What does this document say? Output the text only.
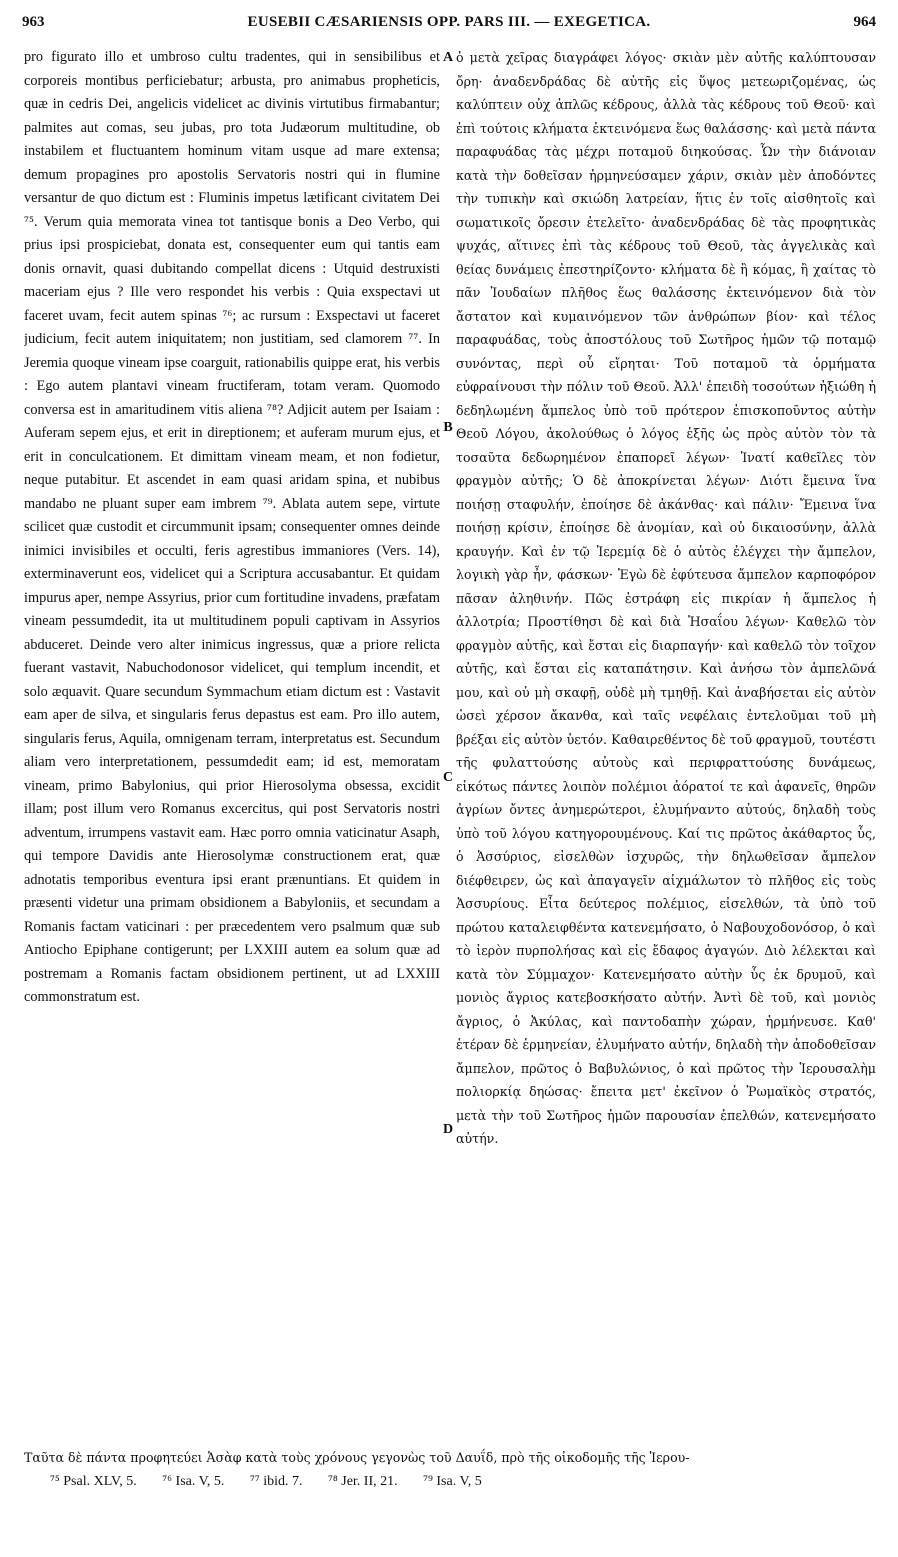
963	EUSEBII CÆSARIENSIS OPP. PARS III. — EXEGETICA.	964

pro figurato illo et umbroso cultu tradentes, qui in sensibilibus et corporeis montibus perficiebatur; arbusta, pro animabus propheticis, quæ in cedris Dei, angelicis videlicet ac divinis virtutibus firmabantur; palmites aut comas, seu jubas, pro tota Judæorum multitudine, ob instabilem et fluctuantem hominum vitam usque ad mare extensa; demum propagines pro apostolis Servatoris nostri qui in flumine versantur de quo dictum est : Fluminis impetus lætificant civitatem Dei ⁷⁵. Verum quia memorata vinea tot tantisque bonis a Deo Verbo, qui prius ipsi prospiciebat, donata est, consequenter eum qui tantis eam donis ornavit, quasi dubitando compellat dicens : Utquid destruxisti maceriam ejus ? Ille vero respondet his verbis : Quia exspectavi ut faceret uvam, fecit autem spinas ⁷⁶; ac rursum : Exspectavi ut faceret judicium, fecit autem iniquitatem; non justitiam, sed clamorem ⁷⁷. In Jeremia quoque vineam ipse coarguit, rationabilis quippe erat, his verbis : Ego autem plantavi vineam fructiferam, totam veram. Quomodo conversa est in amaritudinem vitis aliena ⁷⁸? Adjicit autem per Isaiam : Auferam sepem ejus, et erit in direptionem; et auferam murum ejus, et erit in conculcationem. Et dimittam vineam meam, et non fodietur, neque putabitur. Et ascendet in eam quasi aridam spina, et nubibus mandabo ne pluant super eam imbrem ⁷⁹. Ablata autem sepe, virtute scilicet quæ custodit et circummunit ipsam; consequenter omnes deinde inimici invisibiles et occulti, feris agrestibus immaniores (Vers. 14), exterminaverunt eos, videlicet qui a Scriptura accusabantur. Et quidam impurus aper, nempe Assyrius, prior cum fortitudine invadens, præfatam vineam pessumdedit, ita ut multitudinem populi captivam in Assyrios abduceret. Deinde vero alter inimicus ingressus, quæ a priore relicta fuerant vastavit, Nabuchodonosor videlicet, qui templum incendit, et solo æquavit. Quare secundum Symmachum etiam dictum est : Vastavit eam aper de silva, et singularis ferus depastus est eam. Pro illo autem, singularis ferus, Aquila, omnigenam terram, interpretatus est. Secundum aliam vero interpretationem, pessumdedit eam; id est, memoratam vineam, primo Babylonius, qui prior Hierosolyma obsessa, excidit illam; post illum vero Romanus excercitus, qui post Servatoris nostri adventum, irrumpens vastavit eam. Hæc porro omnia vaticinatur Asaph, qui tempore Davidis ante Hierosolymæ constructionem erat, quæ adnotatis temporibus eventura ipsi erant prænuntians. Et quidem in præsenti videtur una primam obsidionem a Babyloniis, et secundam a Romanis factam vaticinari : per præcedentem vero psalmum quæ sub Antiocho Epiphane contigerunt; per LXXIII autem ea solum quæ ad postremam a Romanis factam obsidionem pertinent, ut ad LXXIII commonstratum est.

A
B
C
D

ὁ μετὰ χεῖρας διαγράφει λόγος· σκιὰν μὲν αὐτῆς καλύπτουσαν ὄρη· ἀναδενδράδας δὲ αὐτῆς εἰς ὕψος μετεωριζομένας, ὡς καλύπτειν οὐχ ἁπλῶς κέδρους, ἀλλὰ τὰς κέδρους τοῦ Θεοῦ· καὶ ἐπὶ τούτοις κλήματα ἐκτεινόμενα ἕως θαλάσσης· καὶ μετὰ πάντα παραφυάδας τὰς μέχρι ποταμοῦ διηκούσας. Ὧν τὴν διάνοιαν κατὰ τὴν δοθεῖσαν ἡρμηνεύσαμεν χάριν, σκιὰν μὲν ἀποδόντες τὴν τυπικὴν καὶ σκιώδη λατρείαν, ἥτις ἐν τοῖς αἰσθητοῖς καὶ σωματικοῖς ὄρεσιν ἐτελεῖτο· ἀναδενδράδας δὲ τὰς προφητικὰς ψυχάς, αἵτινες ἐπὶ τὰς κέδρους τοῦ Θεοῦ, τὰς ἀγγελικὰς καὶ θείας δυνάμεις ἐπεστηρίζοντο· κλήματα δὲ ἢ κόμας, ἢ χαίτας τὸ πᾶν Ἰουδαίων πλῆθος ἕως θαλάσσης ἐκτεινόμενον διὰ τὸν ἄστατον καὶ κυμαινόμενον τῶν ἀνθρώπων βίον· καὶ τέλος παραφυάδας, τοὺς ἀποστόλους τοῦ Σωτῆρος ἡμῶν τῷ ποταμῷ συνόντας, περὶ οὗ εἴρηται· Τοῦ ποταμοῦ τὰ ὁρμήματα εὐφραίνουσι τὴν πόλιν τοῦ Θεοῦ. Ἀλλ' ἐπειδὴ τοσούτων ἠξιώθη ἡ δεδηλωμένη ἄμπελος ὑπὸ τοῦ πρότερον ἐπισκοποῦντος αὐτὴν Θεοῦ Λόγου, ἀκολούθως ὁ λόγος ἑξῆς ὡς πρὸς αὐτὸν τὸν τὰ τοσαῦτα δεδωρημένον ἐπαπορεῖ λέγων· Ἱνατί καθεῖλες τὸν φραγμὸν αὐτῆς; Ὁ δὲ ἀποκρίνεται λέγων· Διότι ἔμεινα ἵνα ποιήσῃ σταφυλήν, ἐποίησε δὲ ἀκάνθας· καὶ πάλιν· Ἔμεινα ἵνα ποιήσῃ κρίσιν, ἐποίησε δὲ ἀνομίαν, καὶ οὐ δικαιοσύνην, ἀλλὰ κραυγήν. Καὶ ἐν τῷ Ἱερεμίᾳ δὲ ὁ αὐτὸς ἐλέγχει τὴν ἄμπελον, λογικὴ γὰρ ἦν, φάσκων· Ἐγὼ δὲ ἐφύτευσα ἄμπελον καρποφόρον πᾶσαν ἀληθινήν. Πῶς ἐστράφη εἰς πικρίαν ἡ ἄμπελος ἡ ἀλλοτρία; Προστίθησι δὲ καὶ διὰ Ἡσαΐου λέγων· Καθελῶ τὸν φραγμὸν αὐτῆς, καὶ ἔσται εἰς διαρπαγήν· καὶ καθελῶ τὸν τοῖχον αὐτῆς, καὶ ἔσται εἰς καταπάτησιν. Καὶ ἀνήσω τὸν ἀμπελῶνά μου, καὶ οὐ μὴ σκαφῇ, οὐδὲ μὴ τμηθῇ. Καὶ ἀναβήσεται εἰς αὐτὸν ὡσεὶ χέρσον ἄκανθα, καὶ ταῖς νεφέλαις ἐντελοῦμαι τοῦ μὴ βρέξαι εἰς αὐτὸν ὑετόν. Καθαιρεθέντος δὲ τοῦ φραγμοῦ, τουτέστι τῆς φυλαττούσης αὐτοὺς καὶ περιφραττούσης δυνάμεως, εἰκότως πάντες λοιπὸν πολέμιοι ἀόρατοί τε καὶ ἀφανεῖς, θηρῶν ἀγρίων ὄντες ἀνημερώτεροι, ἐλυμήναντο αὐτούς, δηλαδὴ τοὺς ὑπὸ τοῦ λόγου κατηγορουμένους. Καί τις πρῶτος ἀκάθαρτος ὗς, ὁ Ἀσσύριος, εἰσελθὼν ἰσχυρῶς, τὴν δηλωθεῖσαν ἄμπελον διέφθειρεν, ὡς καὶ ἀπαγαγεῖν αἰχμάλωτον τὸ πλῆθος εἰς τοὺς Ἀσσυρίους. Εἶτα δεύτερος πολέμιος, εἰσελθών, τὰ ὑπὸ τοῦ πρώτου καταλειφθέντα κατενεμήσατο, ὁ Ναβουχοδονόσορ, ὁ καὶ τὸ ἱερὸν πυρπολήσας καὶ εἰς ἔδαφος ἀγαγών. Διὸ λέλεκται καὶ κατὰ τὸν Σύμμαχον· Κατενεμήσατο αὐτὴν ὗς ἐκ δρυμοῦ, καὶ μονιὸς ἄγριος κατεβοσκήσατο αὐτήν. Ἀντὶ δὲ τοῦ, καὶ μονιὸς ἄγριος, ὁ Ἀκύλας, καὶ παντοδαπὴν χώραν, ἡρμήνευσε. Καθ' ἑτέραν δὲ ἑρμηνείαν, ἐλυμήνατο αὐτήν, δηλαδὴ τὴν ἀποδοθεῖσαν ἄμπελον, πρῶτος ὁ Βαβυλώνιος, ὁ καὶ πρῶτος τὴν Ἱερουσαλὴμ πολιορκίᾳ δηώσας· ἔπειτα μετ' ἐκεῖνον ὁ Ῥωμαϊκὸς στρατός, μετὰ τὴν τοῦ Σωτῆρος ἡμῶν παρουσίαν ἐπελθών, κατενεμήσατο αὐτήν.

Ταῦτα δὲ πάντα προφητεύει Ἀσὰφ κατὰ τοὺς χρόνους γεγονὼς τοῦ Δαυΐδ, πρὸ τῆς οἰκοδομῆς τῆς Ἱερου-
⁷⁵ Psal. XLV, 5. ⁷⁶ Isa. V, 5. ⁷⁷ ibid. 7. ⁷⁸ Jer. II, 21. ⁷⁹ Isa. V, 5
